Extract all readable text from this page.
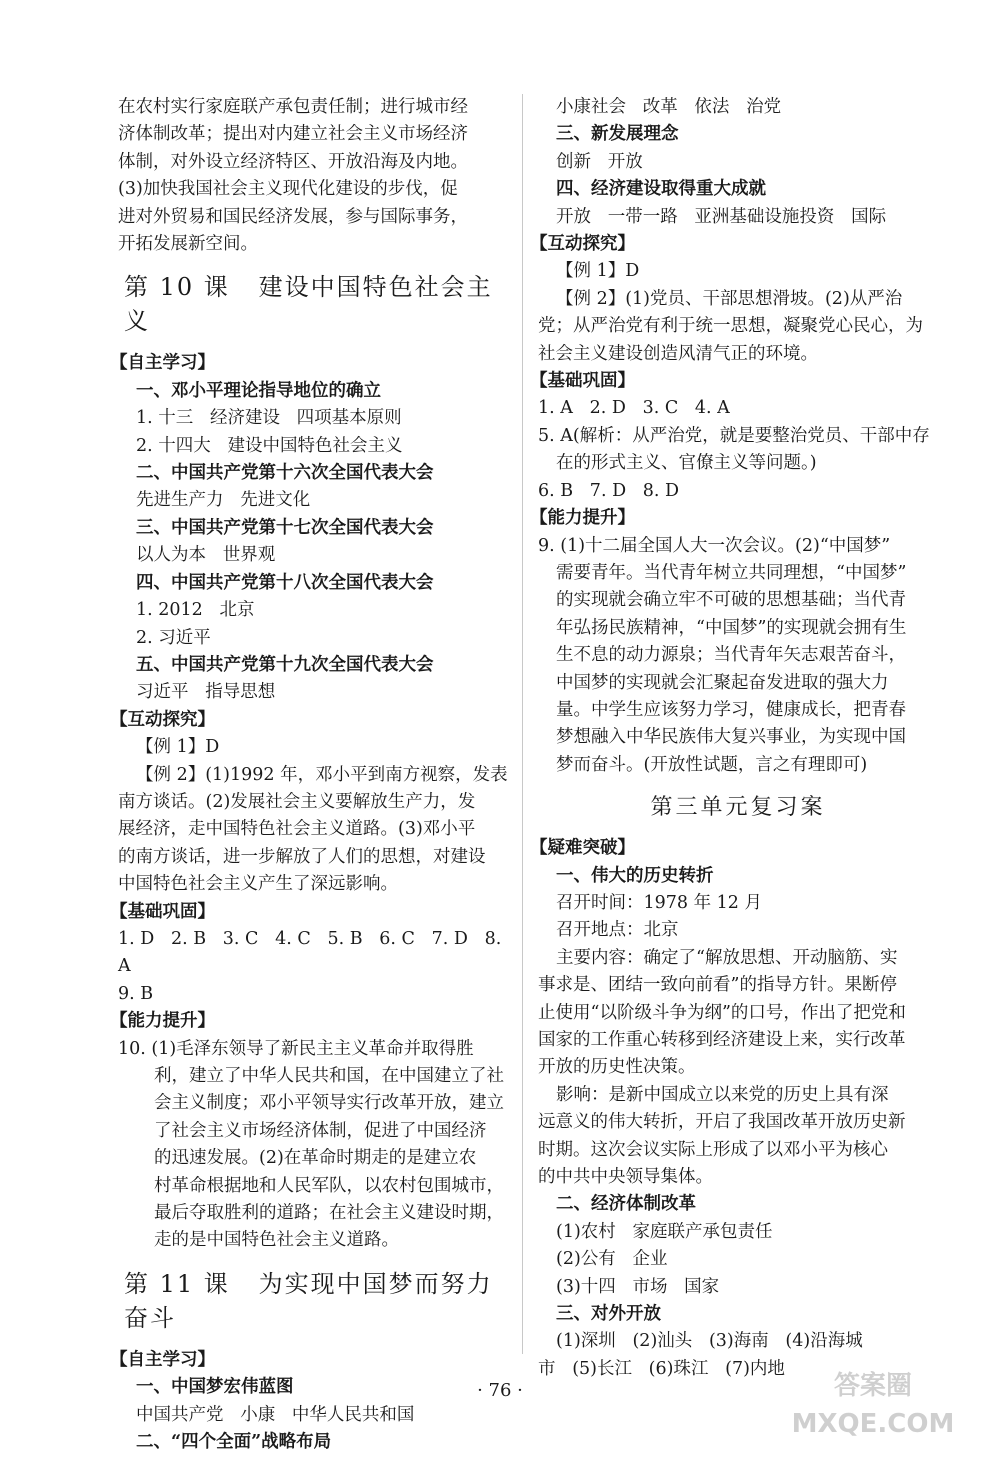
在农村实行家庭联产承包责任制；进行城市经
济体制改革；提出对内建立社会主义市场经济
体制，对外设立经济特区、开放沿海及内地。
(3)加快我国社会主义现代化建设的步伐，促
进对外贸易和国民经济发展，参与国际事务，
开拓发展新空间。
第 10 课   建设中国特色社会主义
【自主学习】
一、邓小平理论指导地位的确立
1. 十三   经济建设   四项基本原则
2. 十四大   建设中国特色社会主义
二、中国共产党第十六次全国代表大会
先进生产力   先进文化
三、中国共产党第十七次全国代表大会
以人为本   世界观
四、中国共产党第十八次全国代表大会
1. 2012   北京
2. 习近平
五、中国共产党第十九次全国代表大会
习近平   指导思想
【互动探究】
【例 1】D
【例 2】(1)1992 年，邓小平到南方视察，发表
南方谈话。(2)发展社会主义要解放生产力，发
展经济，走中国特色社会主义道路。(3)邓小平
的南方谈话，进一步解放了人们的思想，对建设
中国特色社会主义产生了深远影响。
【基础巩固】
1. D   2. B   3. C   4. C   5. B   6. C   7. D   8. A
9. B
【能力提升】
10. (1)毛泽东领导了新民主主义革命并取得胜
利，建立了中华人民共和国，在中国建立了社
会主义制度；邓小平领导实行改革开放，建立
了社会主义市场经济体制，促进了中国经济
的迅速发展。(2)在革命时期走的是建立农
村革命根据地和人民军队，以农村包围城市，
最后夺取胜利的道路；在社会主义建设时期，
走的是中国特色社会主义道路。
第 11 课   为实现中国梦而努力奋斗
【自主学习】
一、中国梦宏伟蓝图
中国共产党   小康   中华人民共和国
二、“四个全面”战略布局
小康社会   改革   依法   治党
三、新发展理念
创新   开放
四、经济建设取得重大成就
开放   一带一路   亚洲基础设施投资   国际
【互动探究】
【例 1】D
【例 2】(1)党员、干部思想滑坡。(2)从严治
党；从严治党有利于统一思想，凝聚党心民心，为
社会主义建设创造风清气正的环境。
【基础巩固】
1. A   2. D   3. C   4. A
5. A(解析：从严治党，就是要整治党员、干部中存
在的形式主义、官僚主义等问题。)
6. B   7. D   8. D
【能力提升】
9. (1)十二届全国人大一次会议。(2)“中国梦”
需要青年。当代青年树立共同理想，“中国梦”
的实现就会确立牢不可破的思想基础；当代青
年弘扬民族精神，“中国梦”的实现就会拥有生
生不息的动力源泉；当代青年矢志艰苦奋斗，
中国梦的实现就会汇聚起奋发进取的强大力
量。中学生应该努力学习，健康成长，把青春
梦想融入中华民族伟大复兴事业，为实现中国
梦而奋斗。(开放性试题，言之有理即可)
第三单元复习案
【疑难突破】
一、伟大的历史转折
召开时间：1978 年 12 月
召开地点：北京
主要内容：确定了“解放思想、开动脑筋、实
事求是、团结一致向前看”的指导方针。果断停
止使用“以阶级斗争为纲”的口号，作出了把党和
国家的工作重心转移到经济建设上来，实行改革
开放的历史性决策。
影响：是新中国成立以来党的历史上具有深
远意义的伟大转折，开启了我国改革开放历史新
时期。这次会议实际上形成了以邓小平为核心
的中共中央领导集体。
二、经济体制改革
(1)农村   家庭联产承包责任
(2)公有   企业
(3)十四   市场   国家
三、对外开放
(1)深圳   (2)汕头   (3)海南   (4)沿海城
市   (5)长江   (6)珠江   (7)内地
· 76 ·	答案圈
MXQE.COM
